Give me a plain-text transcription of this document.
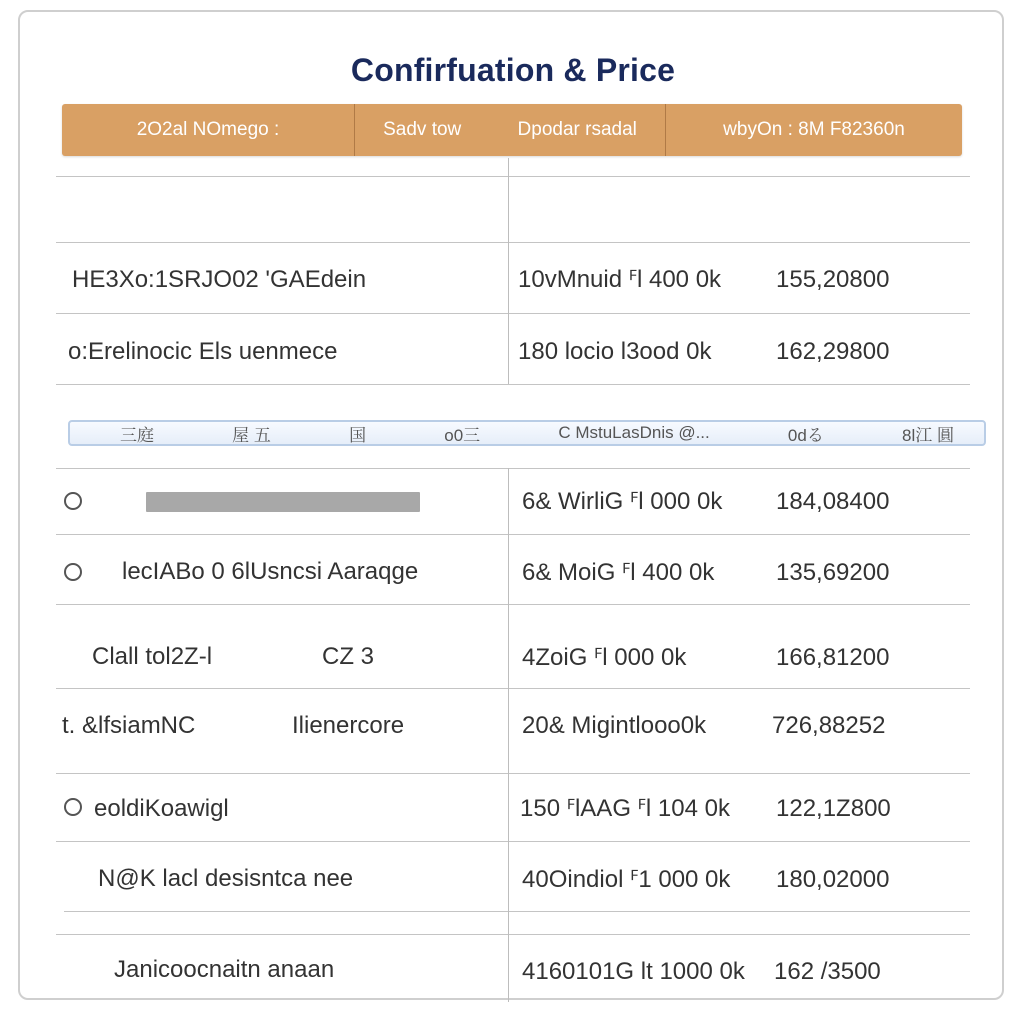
Confirfuation & Price
2O2al NOmego :	Sadv tow	Dpodar rsadal	wbyOn : 8M F82360n
三庭	屋 五	国	o0三	C MstuLasDnis @...	0dる	8l江 圓
HE3Xo:1SRJO02 'GAEdein	10vMnuid ꟳl 400 0k 155,20800
o:Erelinocic Els uenmece	180 locio l3ood 0k	162,29800
6& WirliG ꟳl 000 0k 184,08400
lecIABo 0 6lUsncsi Aaraqge	6& MoiG ꟳl 400 0k	135,69200
Clall tol2Z-l	CZ 3	4ZoiG ꟳl 000 0k	166,81200
t. &lfsiamNC	Ilienercore	20& Migintlooo0k	726,88252
eoldiKoawigl	150 ꟳlAAG ꟳl 104 0k 122,1Z800
N@K lacl desisntca nee	40Oindiol ꟳ1 000 0k 180,02000
Janicoocnaitn anaan	4160101G lt 1000 0k 162 /3500
